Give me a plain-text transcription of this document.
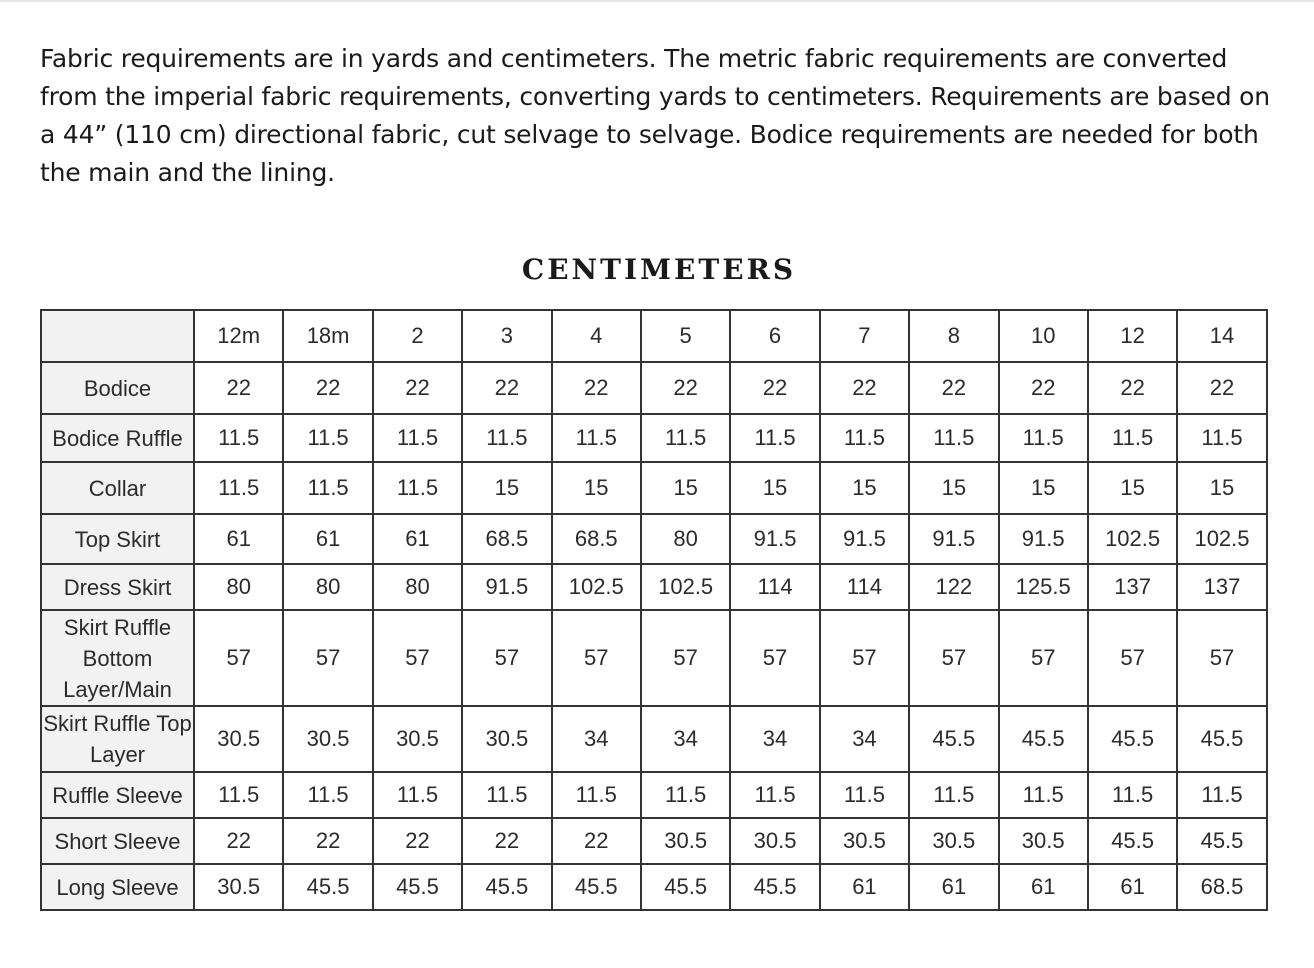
Fabric requirements are in yards and centimeters. The metric fabric requirements are converted from the imperial fabric requirements, converting yards to centimeters. Requirements are based on a 44” (110 cm) directional fabric, cut selvage to selvage. Bodice requirements are needed for both the main and the lining.

CENTIMETERS
	12m	18m	2	3	4	5	6	7	8	10	12	14
Bodice	22	22	22	22	22	22	22	22	22	22	22	22
Bodice Ruffle	11.5	11.5	11.5	11.5	11.5	11.5	11.5	11.5	11.5	11.5	11.5	11.5
Collar	11.5	11.5	11.5	15	15	15	15	15	15	15	15	15
Top Skirt	61	61	61	68.5	68.5	80	91.5	91.5	91.5	91.5	102.5	102.5
Dress Skirt	80	80	80	91.5	102.5	102.5	114	114	122	125.5	137	137
Skirt Ruffle Bottom Layer/Main	57	57	57	57	57	57	57	57	57	57	57	57
Skirt Ruffle Top Layer	30.5	30.5	30.5	30.5	34	34	34	34	45.5	45.5	45.5	45.5
Ruffle Sleeve	11.5	11.5	11.5	11.5	11.5	11.5	11.5	11.5	11.5	11.5	11.5	11.5
Short Sleeve	22	22	22	22	22	30.5	30.5	30.5	30.5	30.5	45.5	45.5
Long Sleeve	30.5	45.5	45.5	45.5	45.5	45.5	45.5	61	61	61	61	68.5
